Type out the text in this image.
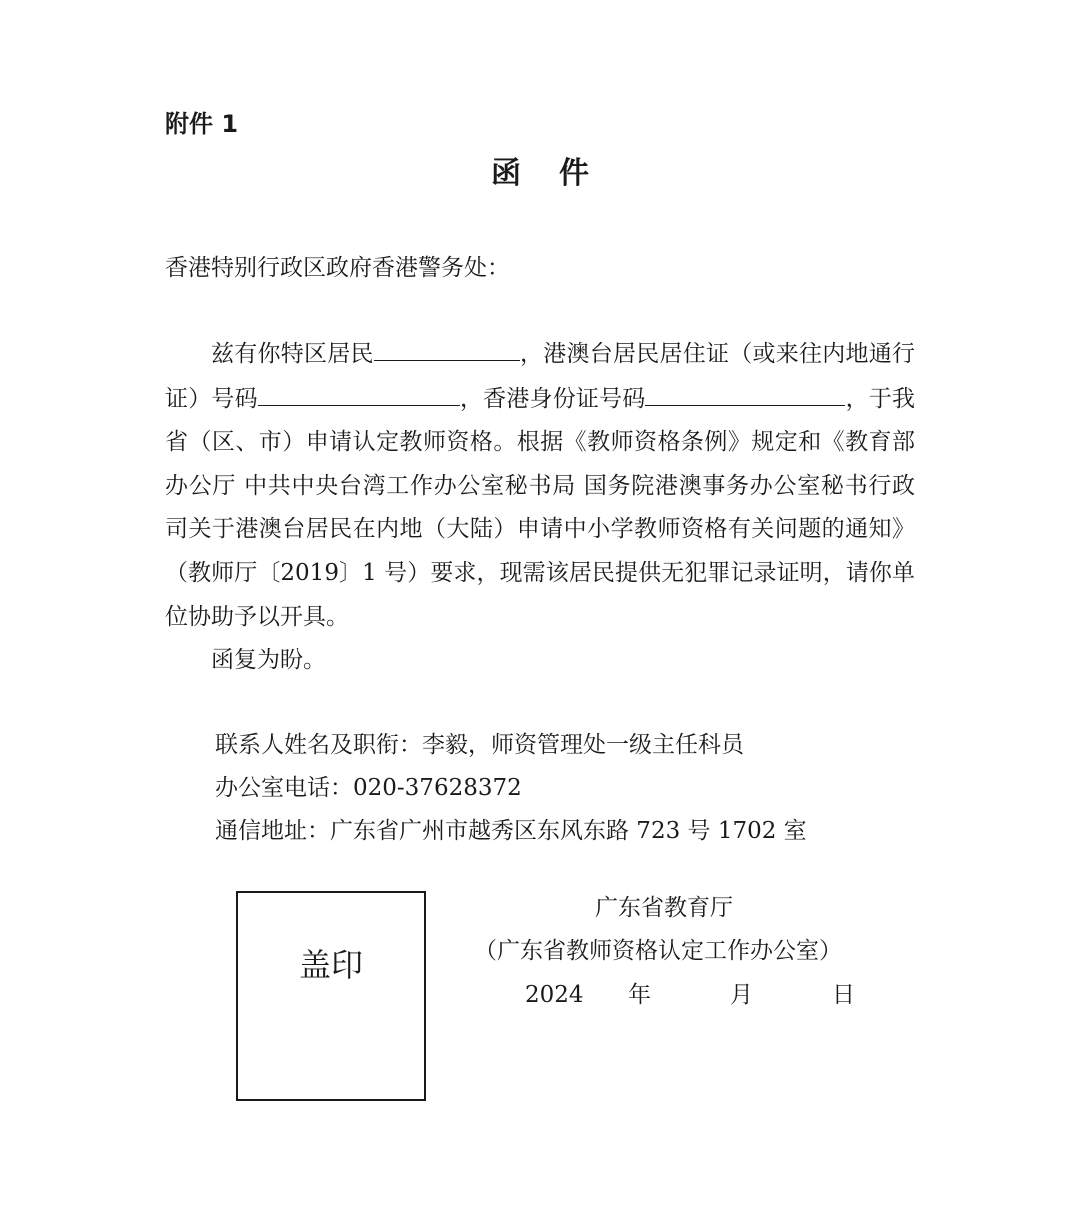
附件 1
函件
香港特别行政区政府香港警务处：

兹有你特区居民	，港澳台居民居住证（或来往内地通行证）号码	，香港身份证号码	，于我省（区、市）申请认定教师资格。根据《教师资格条例》规定和《教育部办公厅 中共中央台湾工作办公室秘书局 国务院港澳事务办公室秘书行政司关于港澳台居民在内地（大陆）申请中小学教师资格有关问题的通知》（教师厅〔2019〕1 号）要求，现需该居民提供无犯罪记录证明，请你单位协助予以开具。

函复为盼。

联系人姓名及职衔：李毅，师资管理处一级主任科员
办公室电话：020-37628372
通信地址：广东省广州市越秀区东风东路 723 号 1702 室
盖印
广东省教育厅
（广东省教师资格认定工作办公室）
2024 年	月	日
